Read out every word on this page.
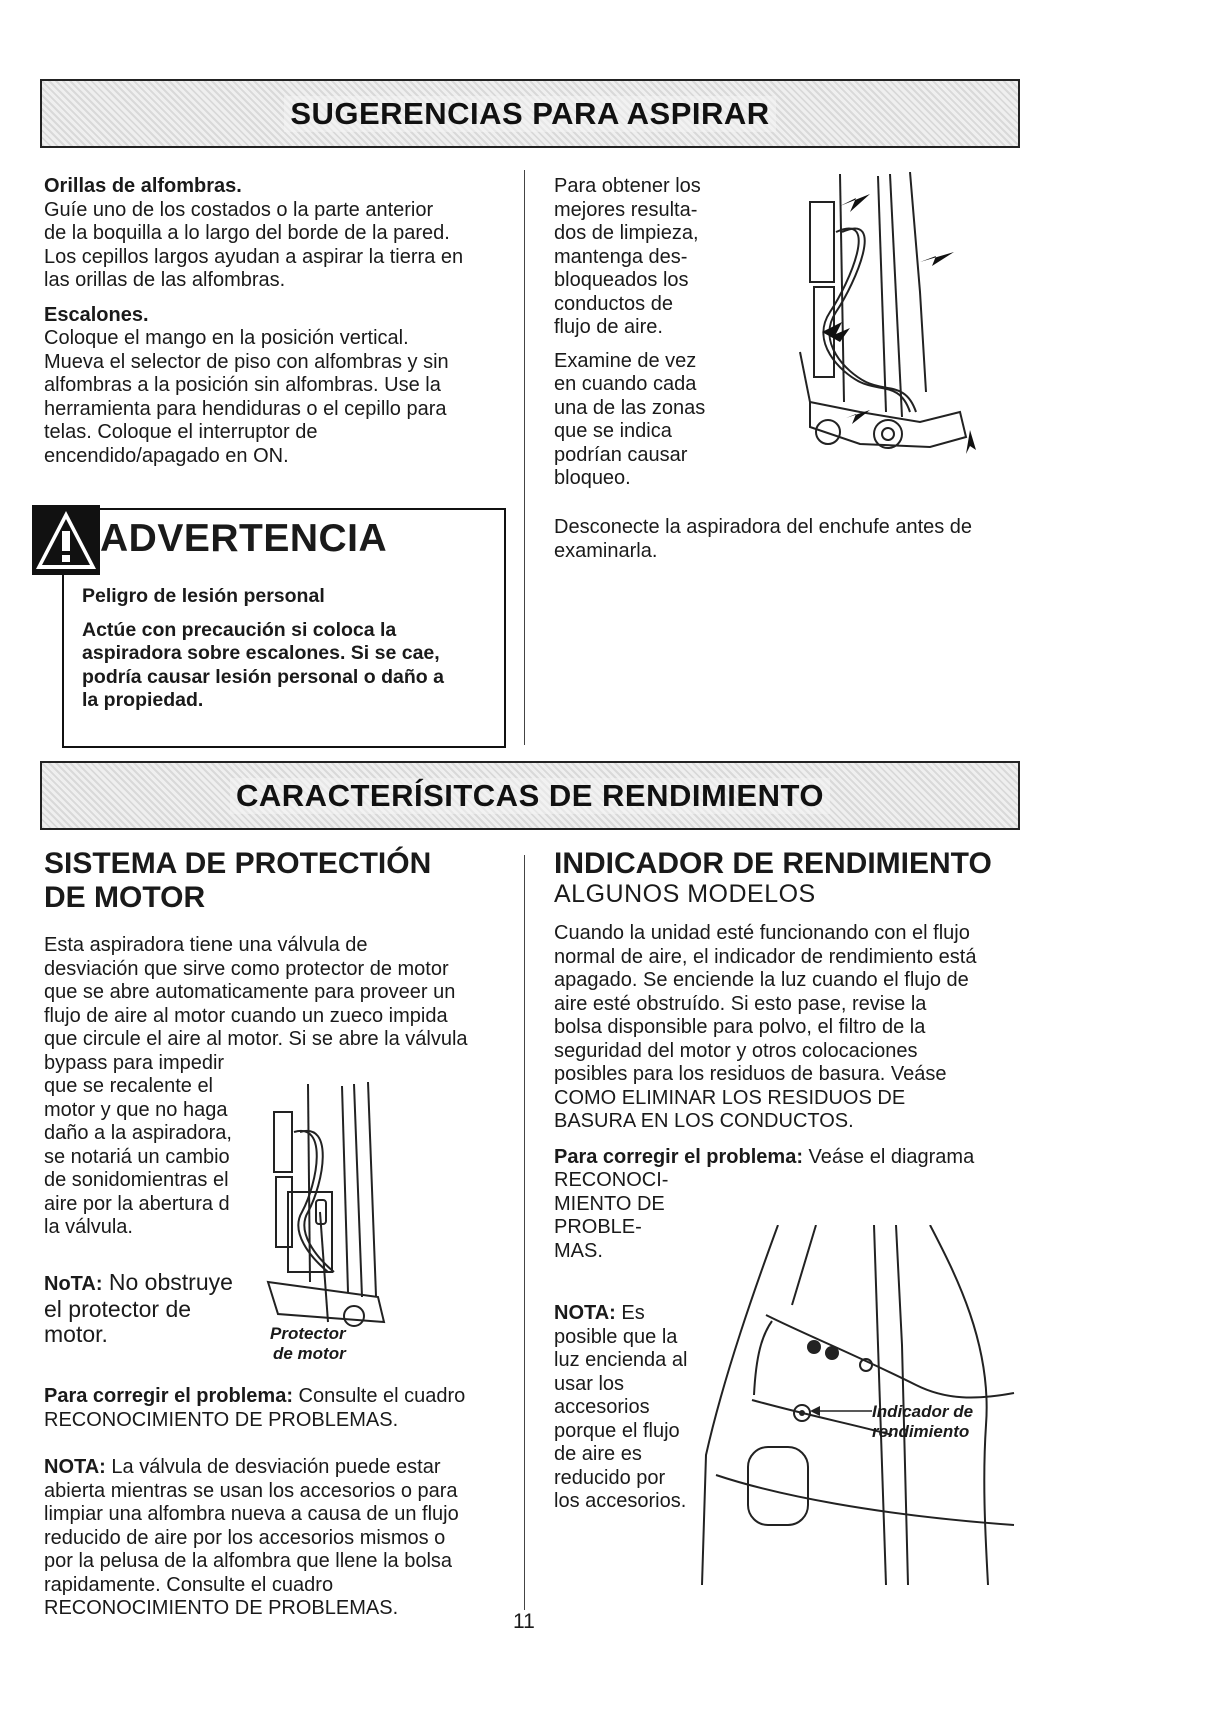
SUGERENCIAS PARA ASPIRAR

Orillas de alfombras.

Guíe uno de los costados o la parte anterior

de la boquilla a lo largo del borde de la pared.

Los cepillos largos ayudan a aspirar la tierra en

las orillas de las alfombras.

Escalones.

Coloque el mango en la posición vertical.

Mueva el selector de piso con alfombras y sin

alfombras a la posición sin alfombras. Use la

herramienta para hendiduras o el cepillo para

telas. Coloque el interruptor de

encendido/apagado en ON.

ADVERTENCIA

Peligro de lesión personal

Actúe con precaución si coloca la

aspiradora sobre escalones. Si se cae,

podría causar lesión personal o daño a

la propiedad.

Para obtener los

mejores resulta-

dos de limpieza,

mantenga des-

bloqueados los

conductos de

flujo de aire.

Examine de vez

en cuando cada

una de las zonas

que se indica

podrían causar

bloqueo.

Desconecte la aspiradora del enchufe antes de

examinarla.

CARACTERÍSITCAS DE RENDIMIENTO
SISTEMA DE PROTECTIÓN
DE MOTOR

Esta aspiradora tiene una válvula de

desviación que sirve como protector de motor

que se abre automaticamente para proveer un

flujo de aire al motor cuando un zueco impida

que circule el aire al motor. Si se abre la válvula

bypass para impedir

que se recalente el

motor y que no haga

daño a la aspiradora,

se notariá un cambio

de sonidomientras el

aire por la abertura d

la válvula.

NoTA: No obstruye

el protector de

motor.	Protector
de motor

Para corregir el problema: Consulte el cuadro

RECONOCIMIENTO DE PROBLEMAS.

NOTA: La válvula de desviación puede estar

abierta mientras se usan los accesorios o para

limpiar una alfombra nueva a causa de un flujo

reducido de aire por los accesorios mismos o

por la pelusa de la alfombra que llene la bolsa

rapidamente. Consulte el cuadro

RECONOCIMIENTO DE PROBLEMAS.

INDICADOR DE RENDIMIENTO
ALGUNOS MODELOS

Cuando la unidad esté funcionando con el flujo

normal de aire, el indicador de rendimiento está

apagado. Se enciende la luz cuando el flujo de

aire esté obstruído. Si esto pase, revise la

bolsa disponsible para polvo, el filtro de la

seguridad del motor y otros colocaciones

posibles para los residuos de basura. Veáse

COMO ELIMINAR LOS RESIDUOS DE

BASURA EN LOS CONDUCTOS.

Para corregir el problema: Veáse el diagrama

RECONOCI-

MIENTO DE

PROBLE-

MAS.

NOTA: Es

posible que la

luz encienda al

usar los

accesorios

porque el flujo

de aire es

reducido por

los accesorios.

Indicador de
rendimiento
11
